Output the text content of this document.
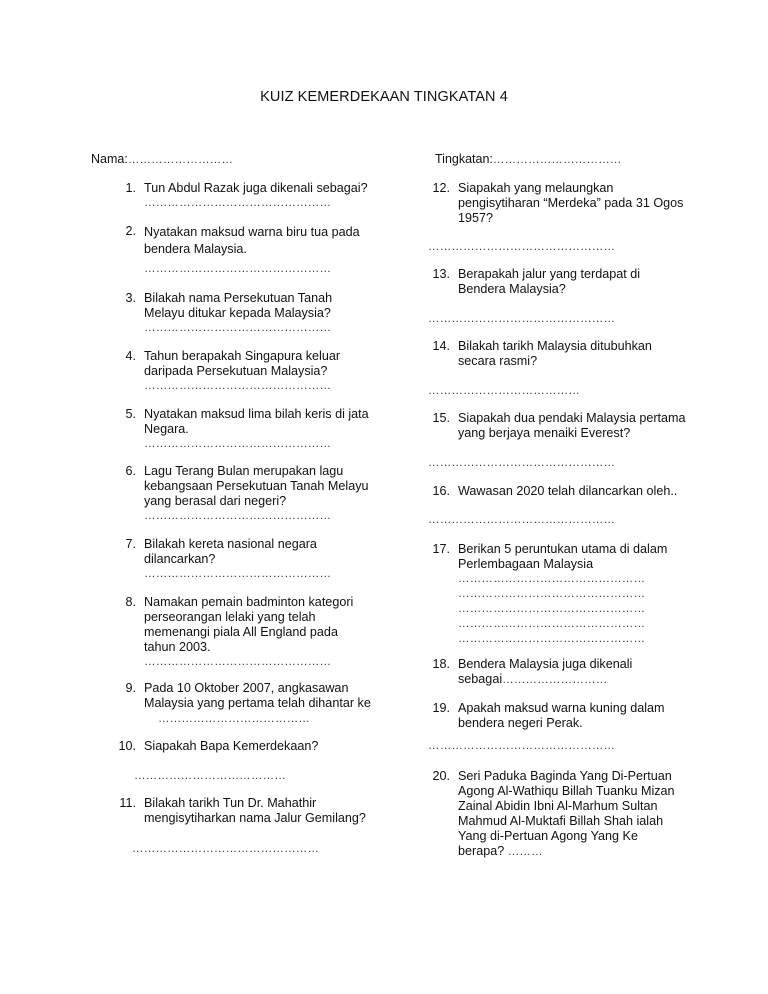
KUIZ KEMERDEKAAN TINGKATAN 4
Nama:………………………	Tingkatan:……………………………
1. Tun Abdul Razak juga dikenali sebagai?
…………………………………………
2. Nyatakan maksud warna biru tua pada bendera Malaysia.
…………………………………………
3. Bilakah nama Persekutuan Tanah Melayu ditukar kepada Malaysia?
…………………………………………
4. Tahun berapakah Singapura keluar daripada Persekutuan Malaysia?
…………………………………………
5. Nyatakan maksud lima bilah keris di jata Negara.
…………………………………………
6. Lagu Terang Bulan merupakan lagu kebangsaan Persekutuan Tanah Melayu yang berasal dari negeri?
…………………………………………
7. Bilakah kereta nasional negara dilancarkan?
…………………………………………
8. Namakan pemain badminton kategori perseorangan lelaki yang telah memenangi piala All England pada tahun 2003.
…………………………………………
9. Pada 10 Oktober 2007, angkasawan Malaysia yang pertama telah dihantar ke     …………………………………
10. Siapakah Bapa Kemerdekaan?
…………………………………
11. Bilakah tarikh Tun Dr. Mahathir mengisytiharkan nama Jalur Gemilang?
…………………………………………
12. Siapakah yang melaungkan pengisytiharan “Merdeka” pada 31 Ogos 1957?
…………………………………………
13. Berapakah jalur yang terdapat di Bendera Malaysia?
…………………………………………
14. Bilakah tarikh Malaysia ditubuhkan secara rasmi?
…………………………………
15. Siapakah dua pendaki Malaysia pertama yang berjaya menaiki Everest?
…………………………………………
16. Wawasan 2020 telah dilancarkan oleh..
…………………………………………
17. Berikan 5 peruntukan utama di dalam Perlembagaan Malaysia
…………………………………………
…………………………………………
…………………………………………
…………………………………………
…………………………………………
18. Bendera Malaysia juga dikenali sebagai………………………
19. Apakah maksud warna kuning dalam bendera negeri Perak.
…………………………………………
20. Seri Paduka Baginda Yang Di-Pertuan Agong Al-Wathiqu Billah Tuanku Mizan Zainal Abidin Ibni Al-Marhum Sultan Mahmud Al-Muktafi Billah Shah ialah Yang di-Pertuan Agong Yang Ke berapa? ………
